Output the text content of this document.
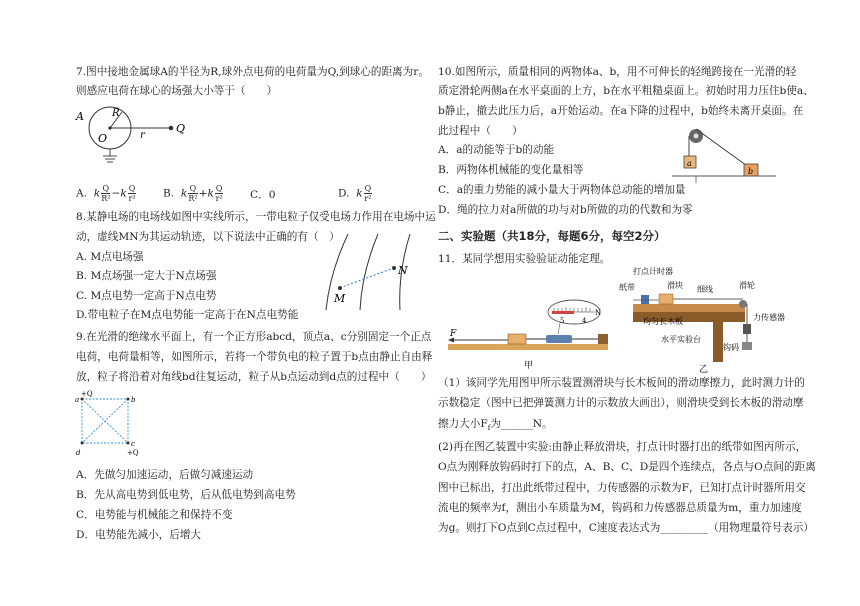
7.图中接地金属球A的半径为R,球外点电荷的电荷量为Q,到球心的距离为r。
则感应电荷在球心的场强大小等于（　　）
A	R
O	r
Q
A. k $\frac{Q}{\text{R²}} -k \frac{Q}{\text{r²}}$	B. k $\frac{Q}{\text{R²}} +k \frac{Q}{\text{r²}}$	C．0	D. k $\frac{Q}{\text{r²}}$
8.某静电场的电场线如图中实线所示，一带电粒子仅受电场力作用在电场中运
动，虚线MN为其运动轨迹，以下说法中正确的有（　）
A. M点电场强
B. M点场强一定大于N点场强
C. M点电势一定高于N点电势
D.带电粒子在M点电势能一定高于在N点电势能
M
N
9.在光滑的绝缘水平面上，有一个正方形abcd，顶点a、c分别固定一个正点
电荷，电荷量相等，如图所示，若将一个带负电的粒子置于b点由静止自由释
放，粒子将沿着对角线bd往复运动，粒子从b点运动到d点的过程中（　　）
a
+Q
b
c
+Q
d
A．先做匀加速运动，后做匀减速运动
B．先从高电势到低电势，后从低电势到高电势
C．电势能与机械能之和保持不变
D．电势能先减小，后增大
10.如图所示，质量相同的两物体a、b，用不可伸长的轻绳跨接在一光滑的轻
质定滑轮两侧a在水平桌面的上方，b在水平粗糙桌面上。初始时用力压住b使a、
b静止，撤去此压力后，a开始运动。在a下降的过程中，b始终未离开桌面。在
此过程中（　　）
a
b
A．a的动能等于b的动能
B．两物体机械能的变化量相等
C．a的重力势能的减小量大于两物体总动能的增加量
D．绳的拉力对a所做的功与对b所做的功的代数和为零
二、实验题（共18分，每题6分，每空2分）
11．某同学想用实验验证动能定理。
5	4
N
F
甲
打点计时器
纸带	滑块 细线	滑轮
均匀长木板
水平实验台
力传感器
钩码
乙
（1）该同学先用图甲所示装置测滑块与长木板间的滑动摩擦力，此时测力计的
示数稳定（图中已把弹簧测力计的示数放大画出），则滑块受到长木板的滑动摩
擦力大小$F_f$为______N。
(2)再在图乙装置中实验:由静止释放滑块，打点计时器打出的纸带如图丙所示，
O点为刚释放钩码时打下的点，A、B、C、D是四个连续点，各点与O点间的距离
图中已标出，打出此纸带过程中，力传感器的示数为F，已知打点计时器所用交
流电的频率为f，测出小车质量为M，钩码和力传感器总质量为m，重力加速度
为g。则打下O点到C点过程中，C速度表达式为_________（用物理量符号表示）
